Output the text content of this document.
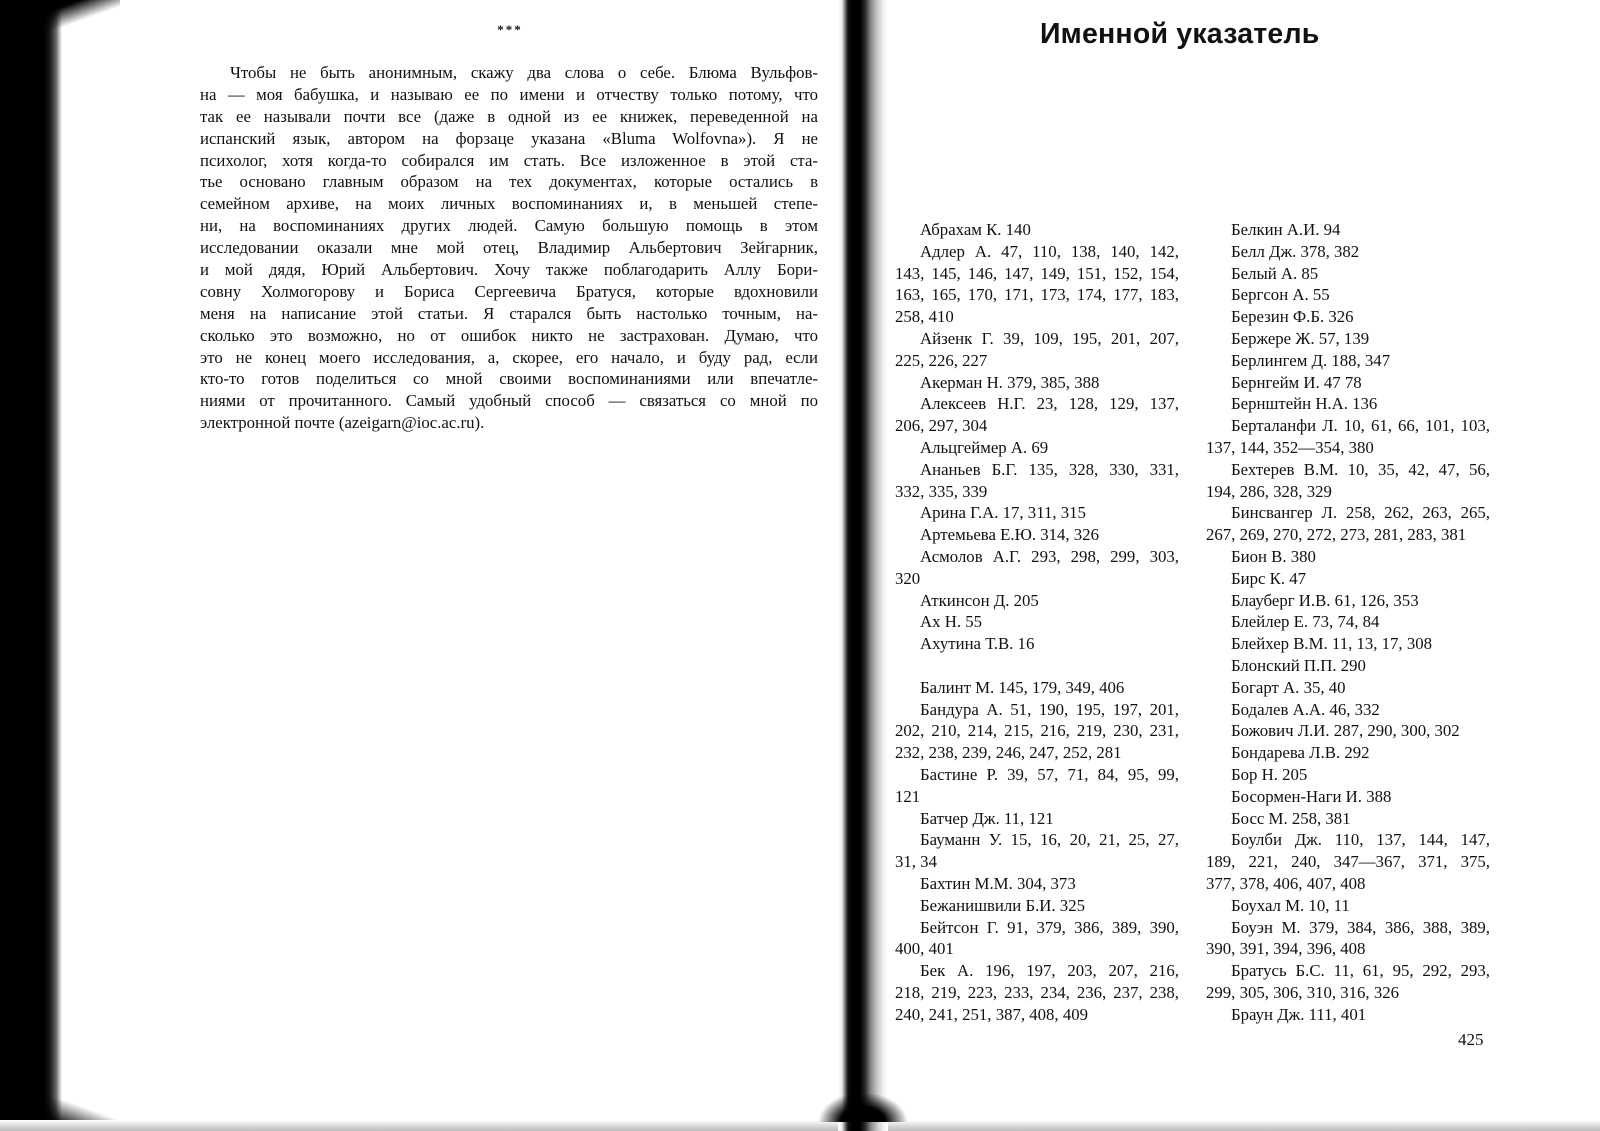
***
Чтобы не быть анонимным, скажу два слова о себе. Блюма Вульфов-
на — моя бабушка, и называю ее по имени и отчеству только потому, что
так ее называли почти все (даже в одной из ее книжек, переведенной на
испанский язык, автором на форзаце указана «Bluma Wolfovna»). Я не
психолог, хотя когда-то собирался им стать. Все изложенное в этой ста-
тье основано главным образом на тех документах, которые остались в
семейном архиве, на моих личных воспоминаниях и, в меньшей степе-
ни, на воспоминаниях других людей. Самую большую помощь в этом
исследовании оказали мне мой отец, Владимир Альбертович Зейгарник,
и мой дядя, Юрий Альбертович. Хочу также поблагодарить Аллу Бори-
совну Холмогорову и Бориса Сергеевича Братуся, которые вдохновили
меня на написание этой статьи. Я старался быть настолько точным, на-
сколько это возможно, но от ошибок никто не застрахован. Думаю, что
это не конец моего исследования, а, скорее, его начало, и буду рад, если
кто-то готов поделиться со мной своими воспоминаниями или впечатле-
ниями от прочитанного. Самый удобный способ — связаться со мной по
электронной почте (azeigarn@ioc.ac.ru).
Именной указатель
Абрахам К. 140
Адлер А. 47, 110, 138, 140, 142,
143, 145, 146, 147, 149, 151, 152, 154,
163, 165, 170, 171, 173, 174, 177, 183,
258, 410
Айзенк Г. 39, 109, 195, 201, 207,
225, 226, 227
Акерман Н. 379, 385, 388
Алексеев Н.Г. 23, 128, 129, 137,
206, 297, 304
Альцгеймер А. 69
Ананьев Б.Г. 135, 328, 330, 331,
332, 335, 339
Арина Г.А. 17, 311, 315
Артемьева Е.Ю. 314, 326
Асмолов А.Г. 293, 298, 299, 303,
320
Аткинсон Д. 205
Ах Н. 55
Ахутина Т.В. 16
Балинт М. 145, 179, 349, 406
Бандура А. 51, 190, 195, 197, 201,
202, 210, 214, 215, 216, 219, 230, 231,
232, 238, 239, 246, 247, 252, 281
Бастине Р. 39, 57, 71, 84, 95, 99,
121
Батчер Дж. 11, 121
Бауманн У. 15, 16, 20, 21, 25, 27,
31, 34
Бахтин М.М. 304, 373
Бежанишвили Б.И. 325
Бейтсон Г. 91, 379, 386, 389, 390,
400, 401
Бек А. 196, 197, 203, 207, 216,
218, 219, 223, 233, 234, 236, 237, 238,
240, 241, 251, 387, 408, 409
Белкин А.И. 94
Белл Дж. 378, 382
Белый А. 85
Бергсон А. 55
Березин Ф.Б. 326
Бержере Ж. 57, 139
Берлингем Д. 188, 347
Бернгейм И. 47 78
Бернштейн Н.А. 136
Берталанфи Л. 10, 61, 66, 101, 103,
137, 144, 352—354, 380
Бехтерев В.М. 10, 35, 42, 47, 56,
194, 286, 328, 329
Бинсвангер Л. 258, 262, 263, 265,
267, 269, 270, 272, 273, 281, 283, 381
Бион В. 380
Бирс К. 47
Блауберг И.В. 61, 126, 353
Блейлер Е. 73, 74, 84
Блейхер В.М. 11, 13, 17, 308
Блонский П.П. 290
Богарт А. 35, 40
Бодалев А.А. 46, 332
Божович Л.И. 287, 290, 300, 302
Бондарева Л.В. 292
Бор Н. 205
Босормен-Наги И. 388
Босс М. 258, 381
Боулби Дж. 110, 137, 144, 147,
189, 221, 240, 347—367, 371, 375,
377, 378, 406, 407, 408
Боухал М. 10, 11
Боуэн М. 379, 384, 386, 388, 389,
390, 391, 394, 396, 408
Братусь Б.С. 11, 61, 95, 292, 293,
299, 305, 306, 310, 316, 326
Браун Дж. 111, 401
425
